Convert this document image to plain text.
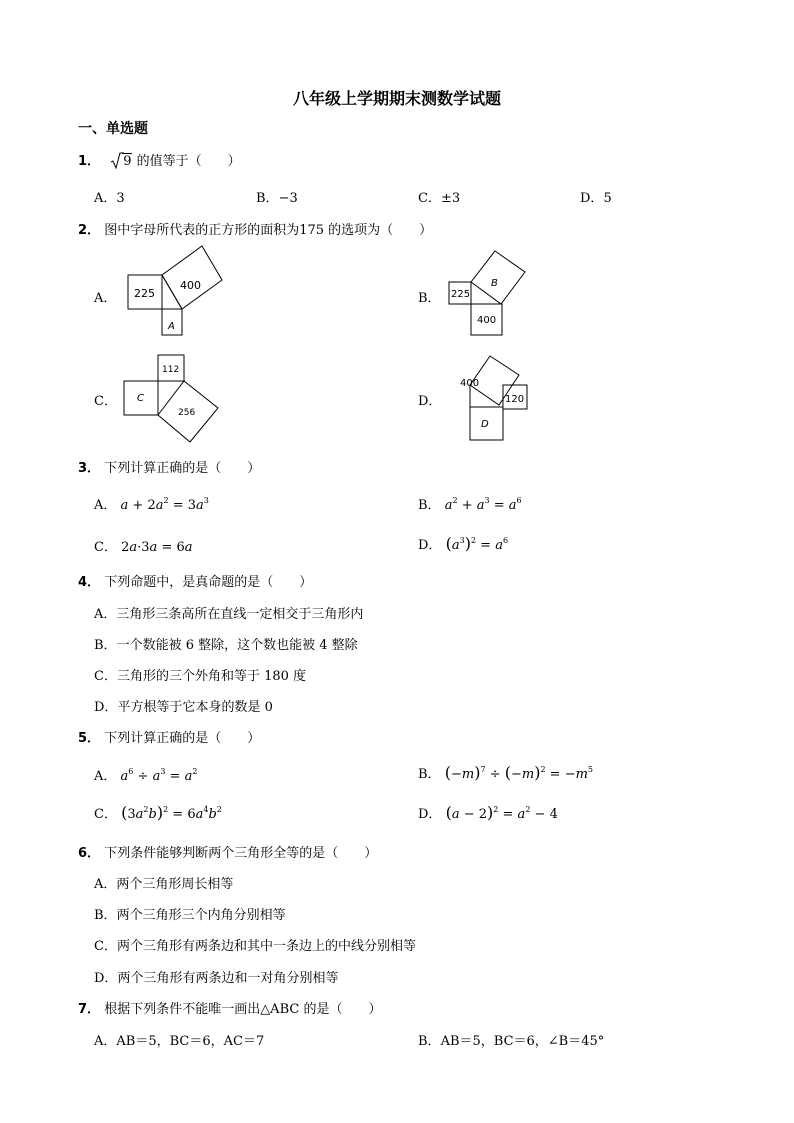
八年级上学期期末测数学试题
一、单选题
1． 9 的值等于（　　）
A．3	B．−3	C．±3	D．5
2． 图中字母所代表的正方形的面积为175 的选项为（　　）
A． 225
400
A
B． 225
B
400
C．
112
C
256
D．
400
120
D
3． 下列计算正确的是（　　）
A． $a + 2a^2 = 3a^3$	B． $a^2 + a^3 = a^6$
C． 2a·3a = 6a	D． $(a^3)^2 = a^6$
4． 下列命题中，是真命题的是（　　）
A．三角形三条高所在直线一定相交于三角形内
B．一个数能被 6 整除，这个数也能被 4 整除
C．三角形的三个外角和等于 180 度
D．平方根等于它本身的数是 0
5． 下列计算正确的是（　　）
A． $a^6 \div a^3 = a^2$	B． $(-m)^7 \div (-m)^2 = -m^5$
C． $(3a^2b)^2 = 6a^4b^2$	D． $(a - 2)^2 = a^2 - 4$
6． 下列条件能够判断两个三角形全等的是（　　）
A．两个三角形周长相等
B．两个三角形三个内角分别相等
C．两个三角形有两条边和其中一条边上的中线分别相等
D．两个三角形有两条边和一对角分别相等
7． 根据下列条件不能唯一画出△ABC 的是（　　）
A．AB＝5，BC＝6，AC＝7	B．AB＝5，BC＝6，∠B＝45°
